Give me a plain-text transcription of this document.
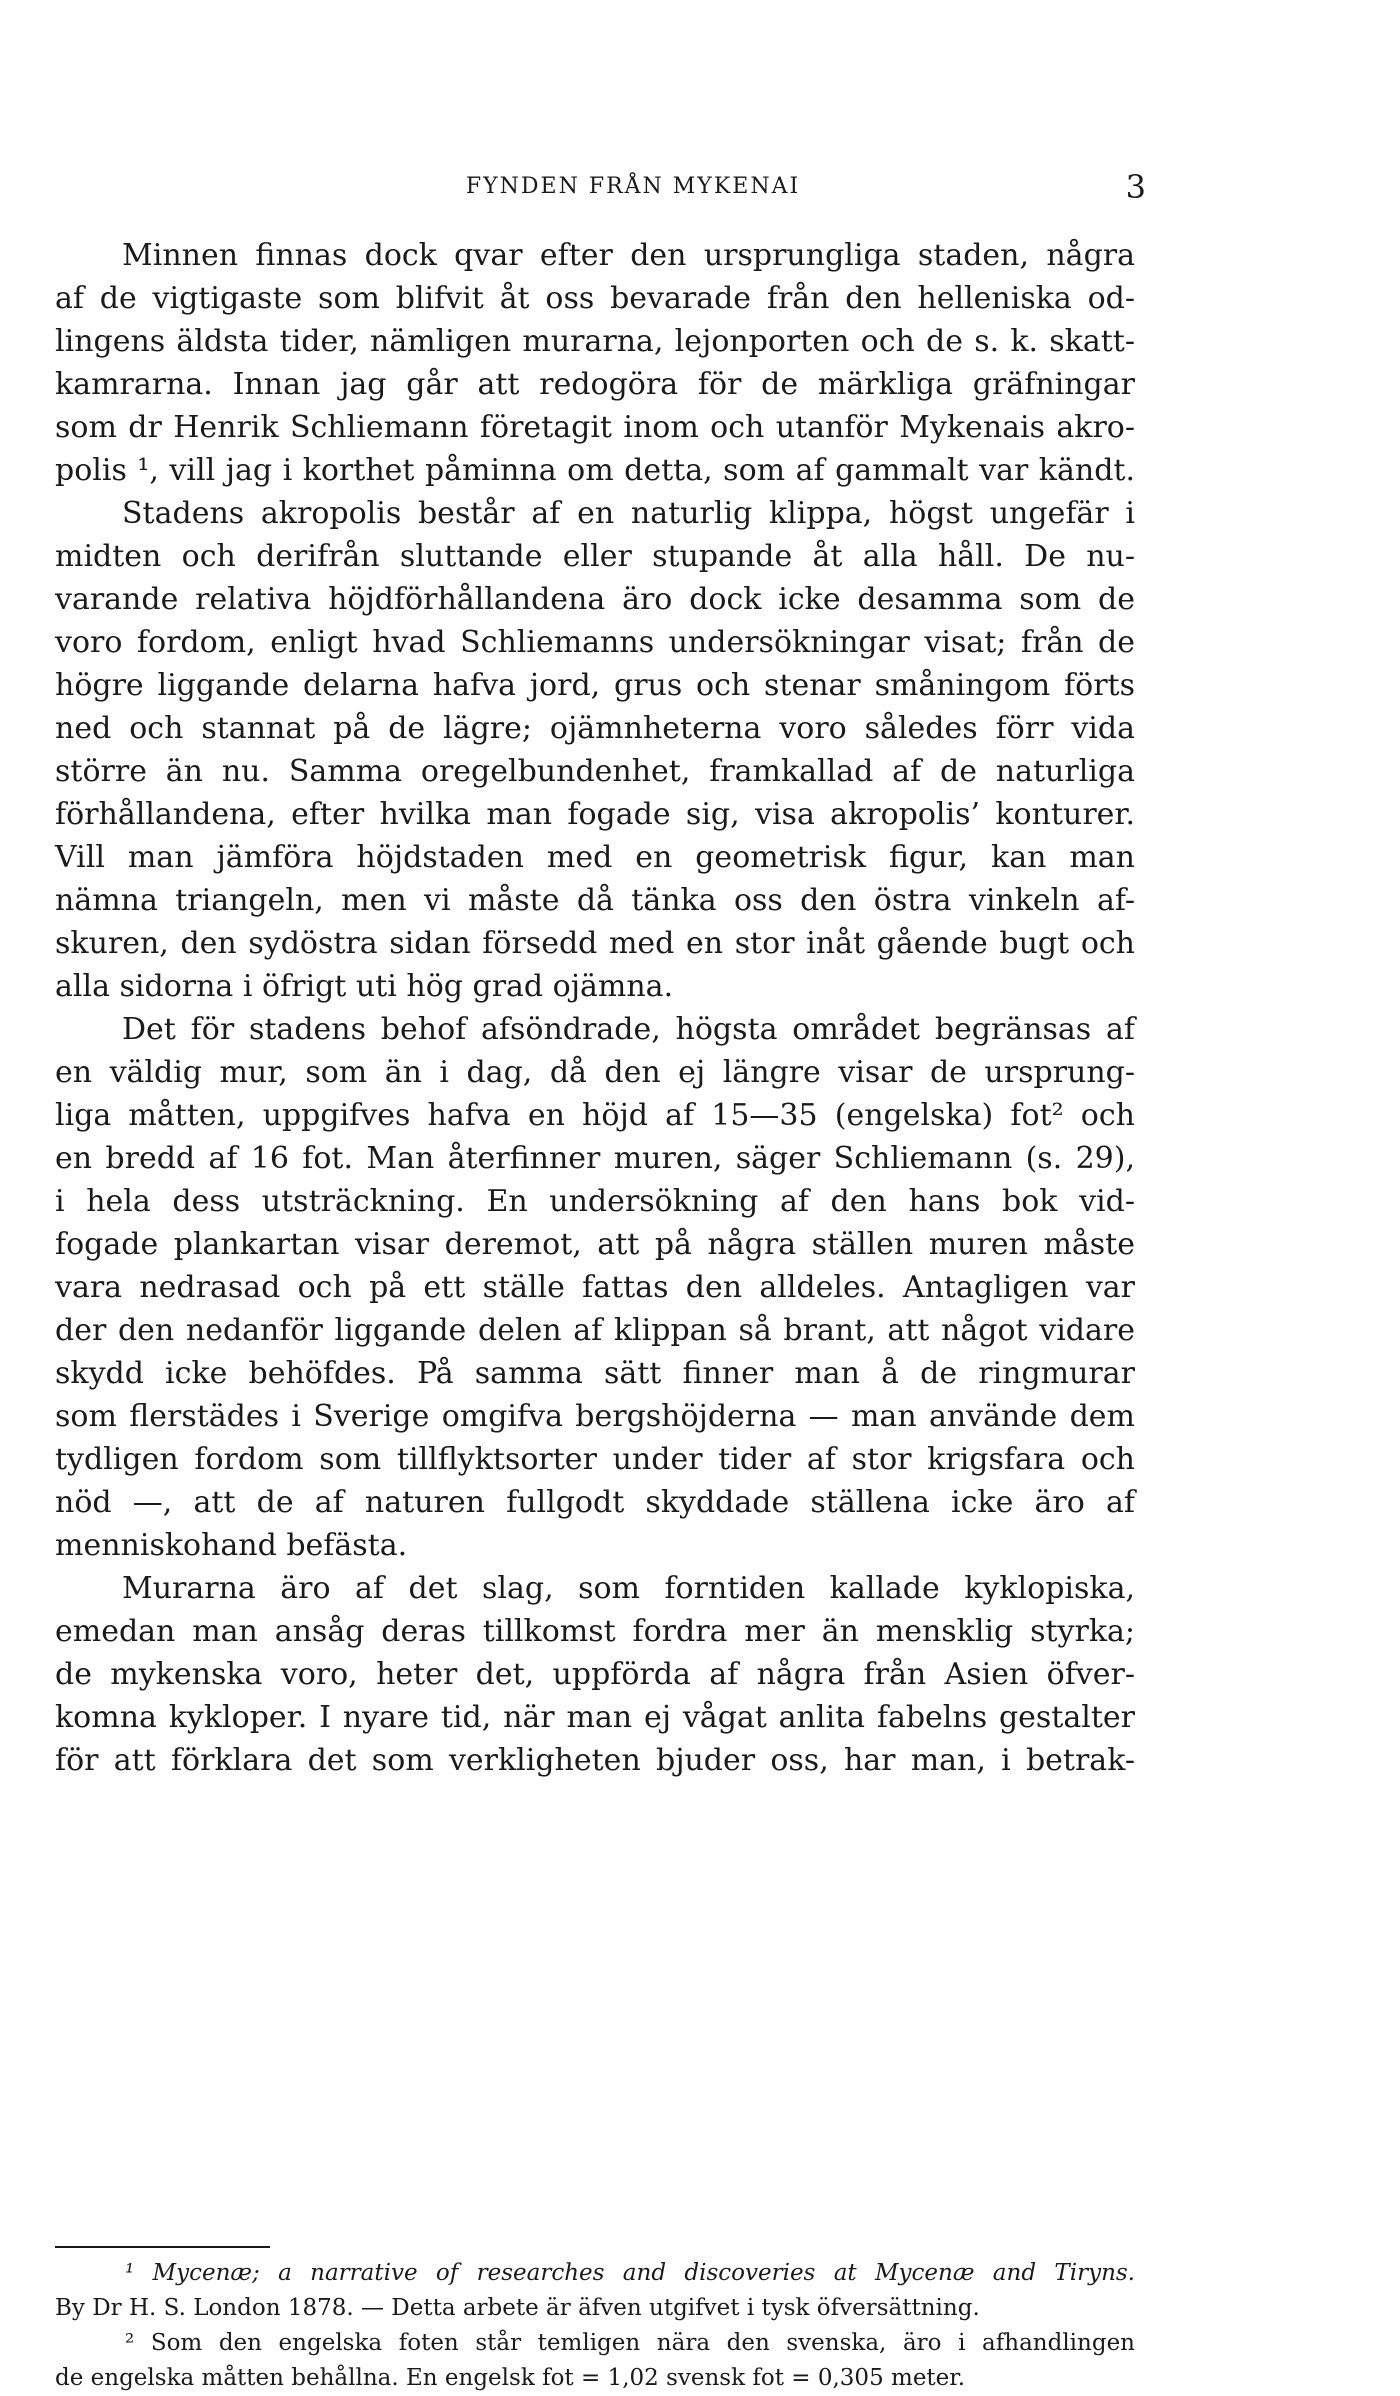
FYNDEN FRÅN MYKENAI	3
Minnen finnas dock qvar efter den ursprungliga staden, några
af de vigtigaste som blifvit åt oss bevarade från den helleniska od-
lingens äldsta tider, nämligen murarna, lejonporten och de s. k. skatt-
kamrarna. Innan jag går att redogöra för de märkliga gräfningar
som dr Henrik Schliemann företagit inom och utanför Mykenais akro-
polis ¹, vill jag i korthet påminna om detta, som af gammalt var kändt.
Stadens akropolis består af en naturlig klippa, högst ungefär i
midten och derifrån sluttande eller stupande åt alla håll. De nu-
varande relativa höjdförhållandena äro dock icke desamma som de
voro fordom, enligt hvad Schliemanns undersökningar visat; från de
högre liggande delarna hafva jord, grus och stenar småningom förts
ned och stannat på de lägre; ojämnheterna voro således förr vida
större än nu. Samma oregelbundenhet, framkallad af de naturliga
förhållandena, efter hvilka man fogade sig, visa akropolis’ konturer.
Vill man jämföra höjdstaden med en geometrisk figur, kan man
nämna triangeln, men vi måste då tänka oss den östra vinkeln af-
skuren, den sydöstra sidan försedd med en stor inåt gående bugt och
alla sidorna i öfrigt uti hög grad ojämna.
Det för stadens behof afsöndrade, högsta området begränsas af
en väldig mur, som än i dag, då den ej längre visar de ursprung-
liga måtten, uppgifves hafva en höjd af 15—35 (engelska) fot² och
en bredd af 16 fot. Man återfinner muren, säger Schliemann (s. 29),
i hela dess utsträckning. En undersökning af den hans bok vid-
fogade plankartan visar deremot, att på några ställen muren måste
vara nedrasad och på ett ställe fattas den alldeles. Antagligen var
der den nedanför liggande delen af klippan så brant, att något vidare
skydd icke behöfdes. På samma sätt finner man å de ringmurar
som flerstädes i Sverige omgifva bergshöjderna — man använde dem
tydligen fordom som tillflyktsorter under tider af stor krigsfara och
nöd —, att de af naturen fullgodt skyddade ställena icke äro af
menniskohand befästa.
Murarna äro af det slag, som forntiden kallade kyklopiska,
emedan man ansåg deras tillkomst fordra mer än mensklig styrka;
de mykenska voro, heter det, uppförda af några från Asien öfver-
komna kykloper. I nyare tid, när man ej vågat anlita fabelns gestalter
för att förklara det som verkligheten bjuder oss, har man, i betrak-
¹ Mycenæ; a narrative of researches and discoveries at Mycenæ and Tiryns.
By Dr H. S. London 1878. — Detta arbete är äfven utgifvet i tysk öfversättning.
² Som den engelska foten står temligen nära den svenska, äro i afhandlingen
de engelska måtten behållna. En engelsk fot = 1,02 svensk fot = 0,305 meter.
